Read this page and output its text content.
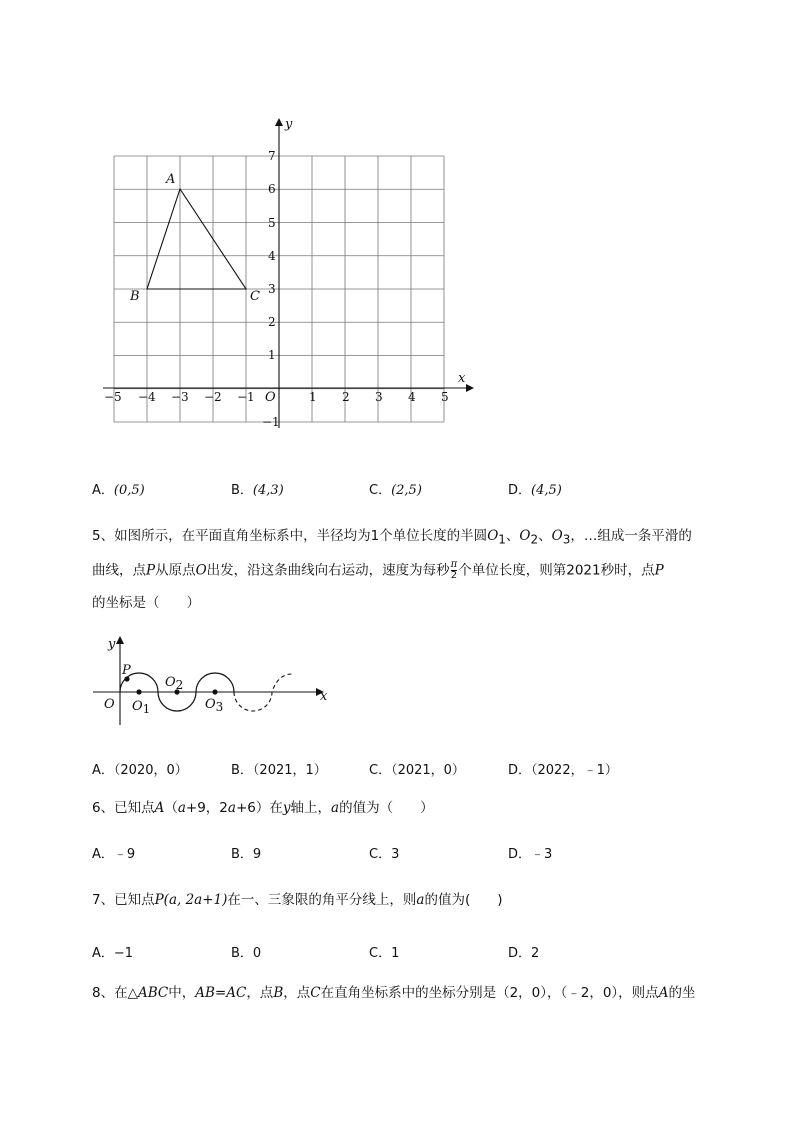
x
y
O
A
B	C
−5 −4 −3 −2 −1	1 2 3 4 5
7
6
5
4
3
2
1
−1
A．(0,5)	B．(4,3)	C．(2,5)	D．(4,5)
5、如图所示，在平面直角坐标系中，半径均为1个单位长度的半圆$O_1$、$O_2$、$O_3$，…组成一条平滑的
曲线，点P从原点O出发，沿这条曲线向右运动，速度为每秒 $\frac{\pi}{2}$ 个单位长度，则第2021秒时，点P
的坐标是（　　）
y
x
O
P
O1
O2
O3
A．（2020，0）	B．（2021，1）	C．（2021，0）	D．（2022，﹣1）
6、已知点A（a+9，2a+6）在y轴上，a的值为（　　）
A．﹣9	B．9	C．3	D．﹣3
7、已知点P(a, 2a+1)在一、三象限的角平分线上，则a的值为(　　)
A．−1	B．0	C．1	D．2
8、在△ABC中，AB=AC，点B，点C在直角坐标系中的坐标分别是（2，0），（﹣2，0），则点A的坐
